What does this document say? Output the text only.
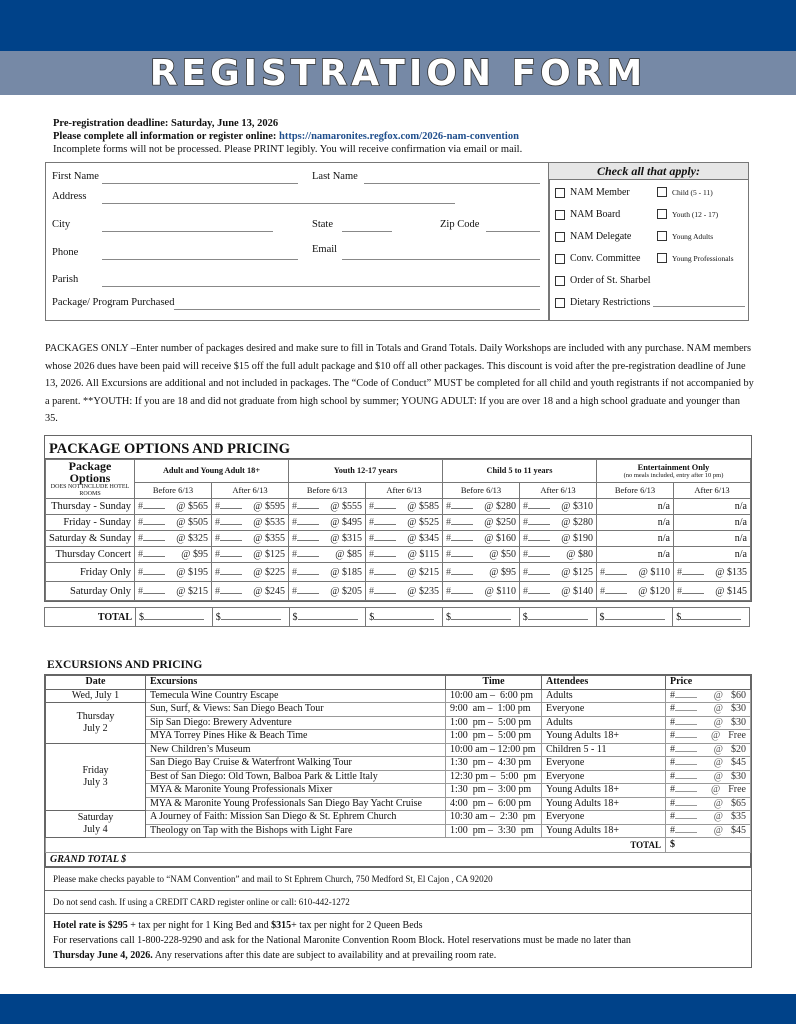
REGISTRATION FORM
Pre-registration deadline: Saturday, June 13, 2026
Please complete all information or register online: https://namaronites.regfox.com/2026-nam-convention
Incomplete forms will not be processed. Please PRINT legibly. You will receive confirmation via email or mail.
First Name	Last Name
Address
City	State	Zip Code
Phone	Email
Parish
Package/ Program Purchased
Check all that apply:
NAM Member
NAM Board
NAM Delegate
Conv. Committee
Order of St. Sharbel
Dietary Restrictions
Child (5 - 11)
Youth (12 - 17)
Young Adults
Young Professionals
PACKAGES ONLY –Enter number of packages desired and make sure to fill in Totals and Grand Totals. Daily Workshops are included with any purchase. NAM members whose 2026 dues have been paid will receive $15 off the full adult package and $10 off all other packages. This discount is void after the pre-registration deadline of June 13, 2026. All Excursions are additional and not included in packages. The “Code of Conduct” MUST be completed for all child and youth registrants if not accompanied by a parent. **YOUTH: If you are 18 and did not graduate from high school by summer; YOUNG ADULT: If you are over 18 and a high school graduate and younger than 35.
PACKAGE OPTIONS AND PRICING
Package Options
DOES NOT INCLUDE HOTEL ROOMS	Adult and Young Adult 18+		Youth 12-17 years		Child 5 to 11 years		Entertainment Only
(no meals included, entry after 10 pm)	

	Before 6/13	After 6/13	Before 6/13	After 6/13	Before 6/13	After 6/13	Before 6/13	After 6/13
Thursday - Sunday	# @ $565	# @ $595	# @ $555	# @ $585	# @ $280	# @ $310	n/a	n/a
Friday - Sunday	# @ $505	# @ $535	# @ $495	# @ $525	# @ $250	# @ $280	n/a	n/a
Saturday & Sunday	# @ $325	# @ $355	# @ $315	# @ $345	# @ $160	# @ $190	n/a	n/a
Thursday Concert	# @ $95	# @ $125	# @ $85	# @ $115	# @ $50	# @ $80	n/a	n/a
Friday Only	# @ $195	# @ $225	# @ $185	# @ $215	# @ $95	# @ $125	# @ $110	# @ $135

Saturday Only	# @ $215	# @ $245	# @ $205	# @ $235	# @ $110	# @ $140	# @ $120	# @ $145
TOTAL	$	$	$	$	$	$	$	$
EXCURSIONS AND PRICING
Date	Excursions	Time	Attendees	Price
Wed, July 1	Temecula Wine Country Escape	10:00 am –  6:00 pm	Adults	# @ $60

Thursday
July 2	Sun, Surf, & Views: San Diego Beach Tour	9:00  am –  1:00 pm	Everyone	# @ $30

	Sip San Diego: Brewery Adventure	1:00  pm –  5:00 pm	Adults	# @ $30

	MYA Torrey Pines Hike & Beach Time	1:00  pm –  5:00 pm	Young Adults 18+	# @ Free

Friday
July 3	New Children’s Museum	10:00 am – 12:00 pm	Children 5 - 11	# @ $20

	San Diego Bay Cruise & Waterfront Walking Tour	1:30  pm –  4:30 pm	Everyone	# @ $45

	Best of San Diego: Old Town, Balboa Park & Little Italy	12:30 pm –  5:00  pm	Everyone	# @ $30

	MYA & Maronite Young Professionals Mixer	1:30  pm –  3:00 pm	Young Adults 18+	# @ Free

	MYA & Maronite Young Professionals San Diego Bay Yacht Cruise	4:00  pm –  6:00 pm	Young Adults 18+	# @ $65

Saturday
July 4	A Journey of Faith: Mission San Diego & St. Ephrem Church	10:30 am –  2:30  pm	Everyone	# @ $35

	Theology on Tap with the Bishops with Light Fare	1:00  pm –  3:30  pm	Young Adults 18+	# @ $45

TOTAL				$
GRAND TOTAL $				
Please make checks payable to “NAM Convention” and mail to St Ephrem Church, 750 Medford St, El Cajon , CA 92020
Do not send cash. If using a CREDIT CARD register online or call: 610-442-1272
Hotel rate is $295 + tax per night for 1 King Bed and $315+ tax per night for 2 Queen Beds
For reservations call 1-800-228-9290 and ask for the National Maronite Convention Room Block. Hotel reservations must be made no later than
Thursday June 4, 2026. Any reservations after this date are subject to availability and at prevailing room rate.
